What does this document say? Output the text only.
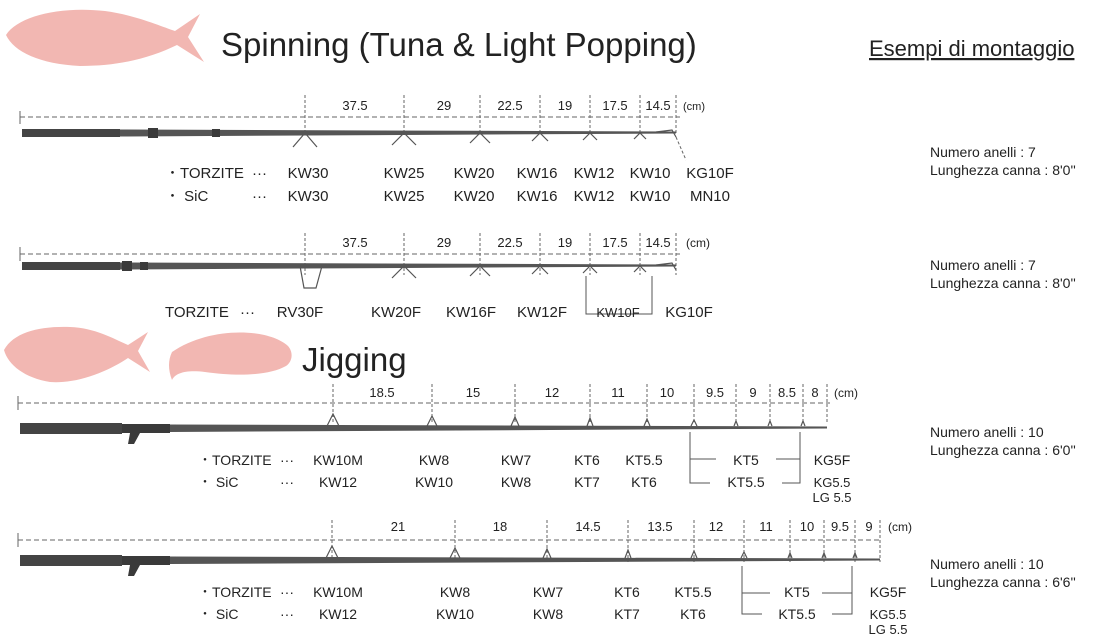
Spinning (Tuna & Light Popping)
Jigging
Esempi di montaggio
37.5	29	22.5	19 17.5 14.5 (cm)
・TORZITE ··· KW30	KW25 KW20 KW16 KW12 KW10 KG10F
・ SiC	··· KW30	KW25 KW20 KW16 KW12 KW10 MN10
Numero anelli : 7
Lunghezza canna : 8'0''
37.5	29	22.5	19 17.5 14.5 (cm)
TORZITE ··· RV30F	KW20F KW16F KW12F KW10F KG10F
Numero anelli : 7
Lunghezza canna : 8'0''
18.5	15	12	11	10 9.5 9 8.5 8 (cm)
・TORZITE ··· KW10M	KW8	KW7	KT6 KT5.5	KT5	KG5F
・ SiC	··· KW12	KW10	KW8	KT7 KT6	KT5.5	KG5.5
LG 5.5
Numero anelli : 10
Lunghezza canna : 6'0''
21	18	14.5	13.5	12	11 10 9.5 9 (cm)
・TORZITE ··· KW10M	KW8	KW7	KT6 KT5.5	KT5	KG5F
・ SiC	··· KW12	KW10	KW8	KT7	KT6	KT5.5	KG5.5
LG 5.5
Numero anelli : 10
Lunghezza canna : 6'6''
